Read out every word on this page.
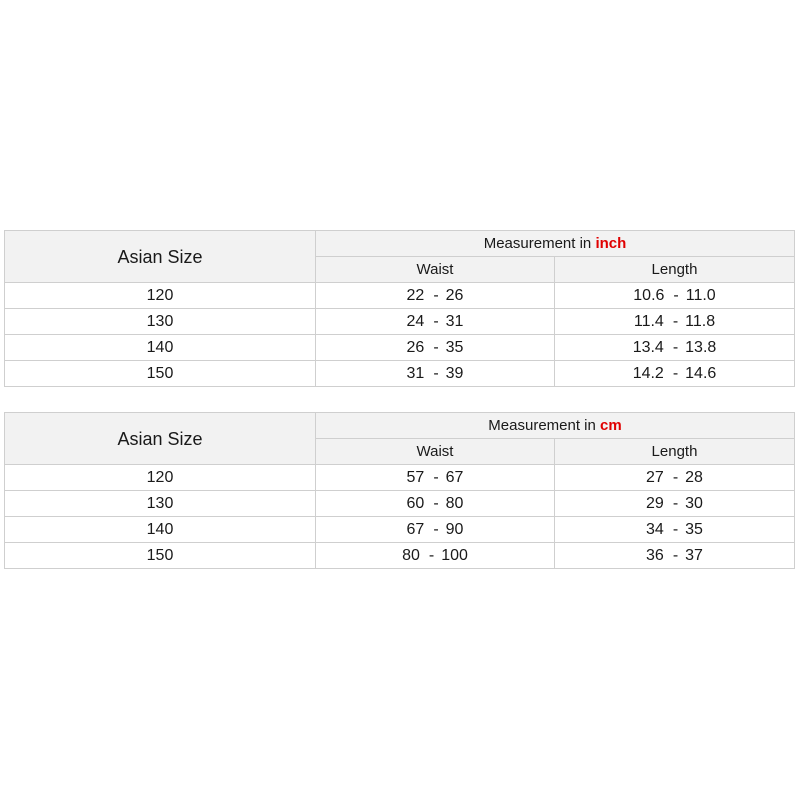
Asian Size	Measurement in inch	
	Waist	Length
120	22 - 26	10.6 - 11.0
130	24 - 31	11.4 - 11.8
140	26 - 35	13.4 - 13.8
150	31 - 39	14.2 - 14.6
Asian Size	Measurement in cm	
	Waist	Length
120	57 - 67	27 - 28
130	60 - 80	29 - 30
140	67 - 90	34 - 35
150	80 - 100	36 - 37
